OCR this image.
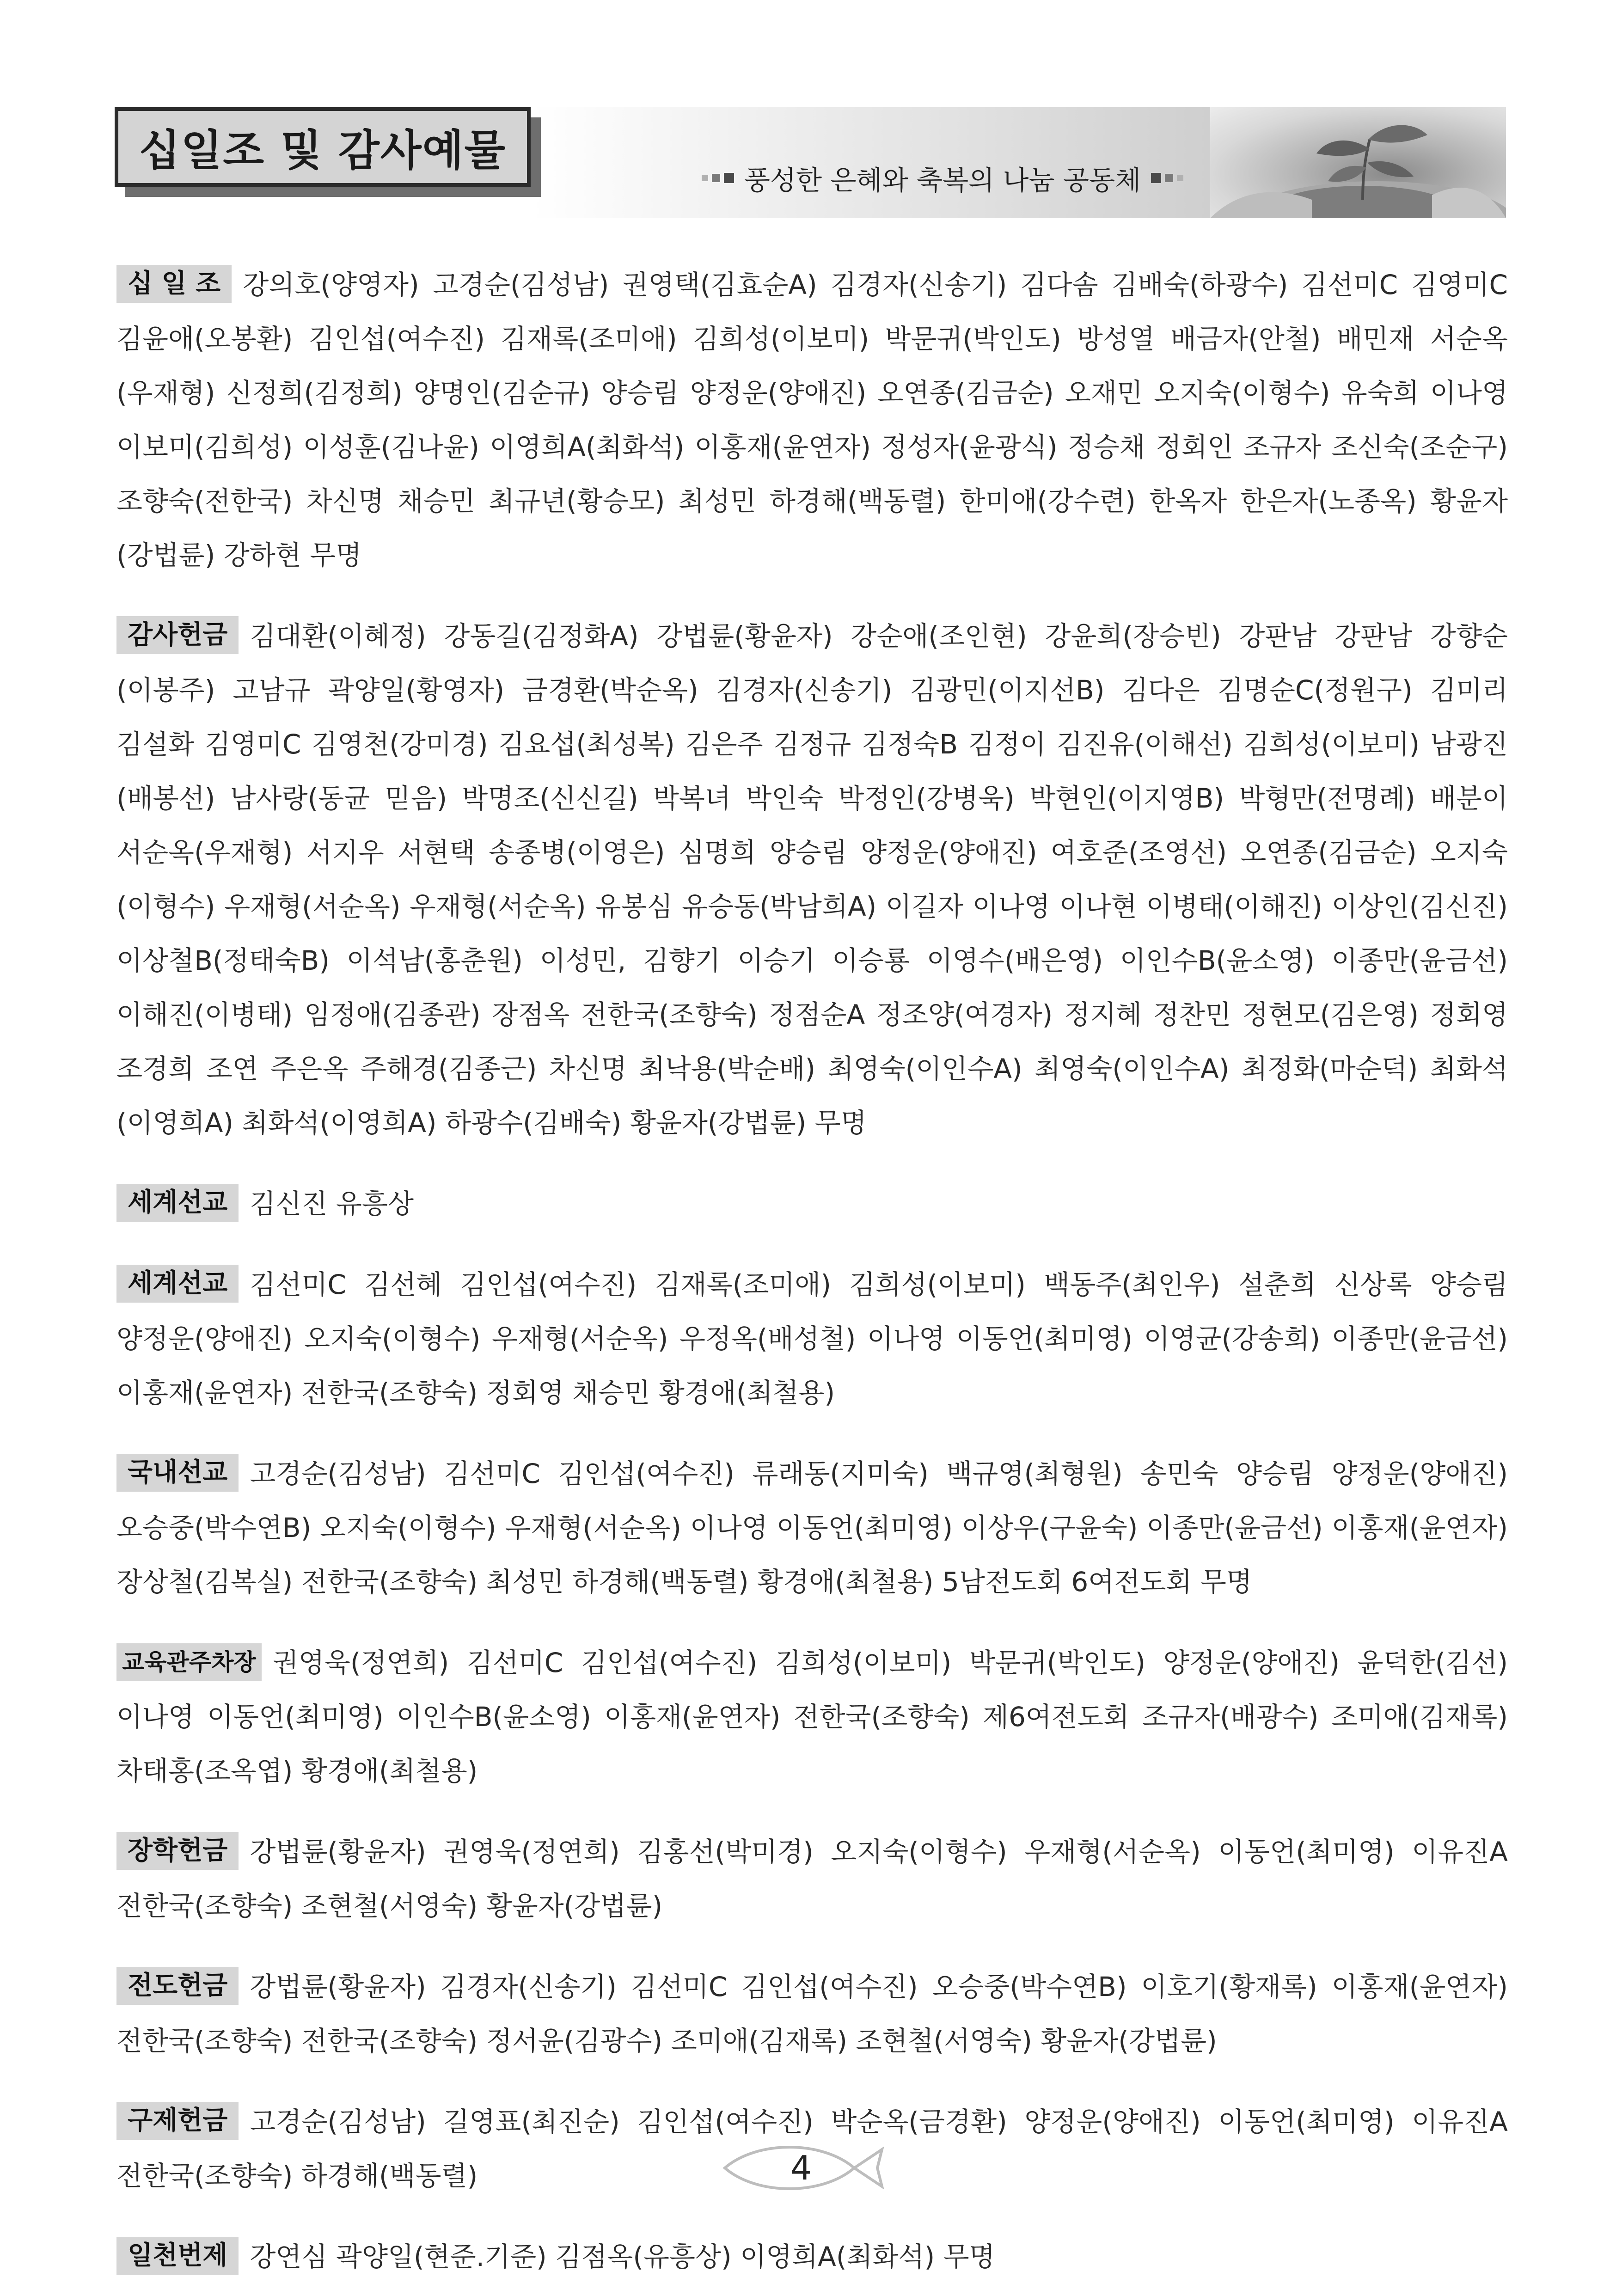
십일조 및 감사예물
풍성한 은혜와 축복의 나눔 공동체

십 일 조 강의호(양영자) 고경순(김성남) 권영택(김효순A) 김경자(신송기) 김다솜 김배숙(하광수) 김선미C 김영미C 김윤애(오봉환) 김인섭(여수진) 김재록(조미애) 김희성(이보미) 박문귀(박인도) 방성열 배금자(안철) 배민재 서순옥(우재형) 신정희(김정희) 양명인(김순규) 양승림 양정운(양애진) 오연종(김금순) 오재민 오지숙(이형수) 유숙희 이나영 이보미(김희성) 이성훈(김나윤) 이영희A(최화석) 이홍재(윤연자) 정성자(윤광식) 정승채 정회인 조규자 조신숙(조순구) 조향숙(전한국) 차신명 채승민 최규년(황승모) 최성민 하경해(백동렬) 한미애(강수련) 한옥자 한은자(노종옥) 황윤자(강법륜) 강하현 무명

감사헌금 김대환(이혜정) 강동길(김정화A) 강법륜(황윤자) 강순애(조인현) 강윤희(장승빈) 강판남 강판남 강향순(이봉주) 고남규 곽양일(황영자) 금경환(박순옥) 김경자(신송기) 김광민(이지선B) 김다은 김명순C(정원구) 김미리 김설화 김영미C 김영천(강미경) 김요섭(최성복) 김은주 김정규 김정숙B 김정이 김진유(이해선) 김희성(이보미) 남광진(배봉선) 남사랑(동균 믿음) 박명조(신신길) 박복녀 박인숙 박정인(강병욱) 박현인(이지영B) 박형만(전명례) 배분이 서순옥(우재형) 서지우 서현택 송종병(이영은) 심명희 양승림 양정운(양애진) 여호준(조영선) 오연종(김금순) 오지숙(이형수) 우재형(서순옥) 우재형(서순옥) 유봉심 유승동(박남희A) 이길자 이나영 이나현 이병태(이해진) 이상인(김신진) 이상철B(정태숙B) 이석남(홍춘원) 이성민, 김향기 이승기 이승룡 이영수(배은영) 이인수B(윤소영) 이종만(윤금선) 이해진(이병태) 임정애(김종관) 장점옥 전한국(조향숙) 정점순A 정조양(여경자) 정지혜 정찬민 정현모(김은영) 정회영 조경희 조연 주은옥 주해경(김종근) 차신명 최낙용(박순배) 최영숙(이인수A) 최영숙(이인수A) 최정화(마순덕) 최화석(이영희A) 최화석(이영희A) 하광수(김배숙) 황윤자(강법륜) 무명

세계선교 김신진 유흥상

세계선교 김선미C 김선혜 김인섭(여수진) 김재록(조미애) 김희성(이보미) 백동주(최인우) 설춘희 신상록 양승림 양정운(양애진) 오지숙(이형수) 우재형(서순옥) 우정옥(배성철) 이나영 이동언(최미영) 이영균(강송희) 이종만(윤금선) 이홍재(윤연자) 전한국(조향숙) 정회영 채승민 황경애(최철용)

국내선교 고경순(김성남) 김선미C 김인섭(여수진) 류래동(지미숙) 백규영(최형원) 송민숙 양승림 양정운(양애진) 오승중(박수연B) 오지숙(이형수) 우재형(서순옥) 이나영 이동언(최미영) 이상우(구윤숙) 이종만(윤금선) 이홍재(윤연자) 장상철(김복실) 전한국(조향숙) 최성민 하경해(백동렬) 황경애(최철용) 5남전도회 6여전도회 무명

교육관주차장 권영욱(정연희) 김선미C 김인섭(여수진) 김희성(이보미) 박문귀(박인도) 양정운(양애진) 윤덕한(김선) 이나영 이동언(최미영) 이인수B(윤소영) 이홍재(윤연자) 전한국(조향숙) 제6여전도회 조규자(배광수) 조미애(김재록) 차태홍(조옥엽) 황경애(최철용)

장학헌금 강법륜(황윤자) 권영욱(정연희) 김홍선(박미경) 오지숙(이형수) 우재형(서순옥) 이동언(최미영) 이유진A 전한국(조향숙) 조현철(서영숙) 황윤자(강법륜)

전도헌금 강법륜(황윤자) 김경자(신송기) 김선미C 김인섭(여수진) 오승중(박수연B) 이호기(황재록) 이홍재(윤연자) 전한국(조향숙) 전한국(조향숙) 정서윤(김광수) 조미애(김재록) 조현철(서영숙) 황윤자(강법륜)

구제헌금 고경순(김성남) 길영표(최진순) 김인섭(여수진) 박순옥(금경환) 양정운(양애진) 이동언(최미영) 이유진A 전한국(조향숙) 하경해(백동렬)

일천번제 강연심 곽양일(현준.기준) 김점옥(유흥상) 이영희A(최화석) 무명

4
